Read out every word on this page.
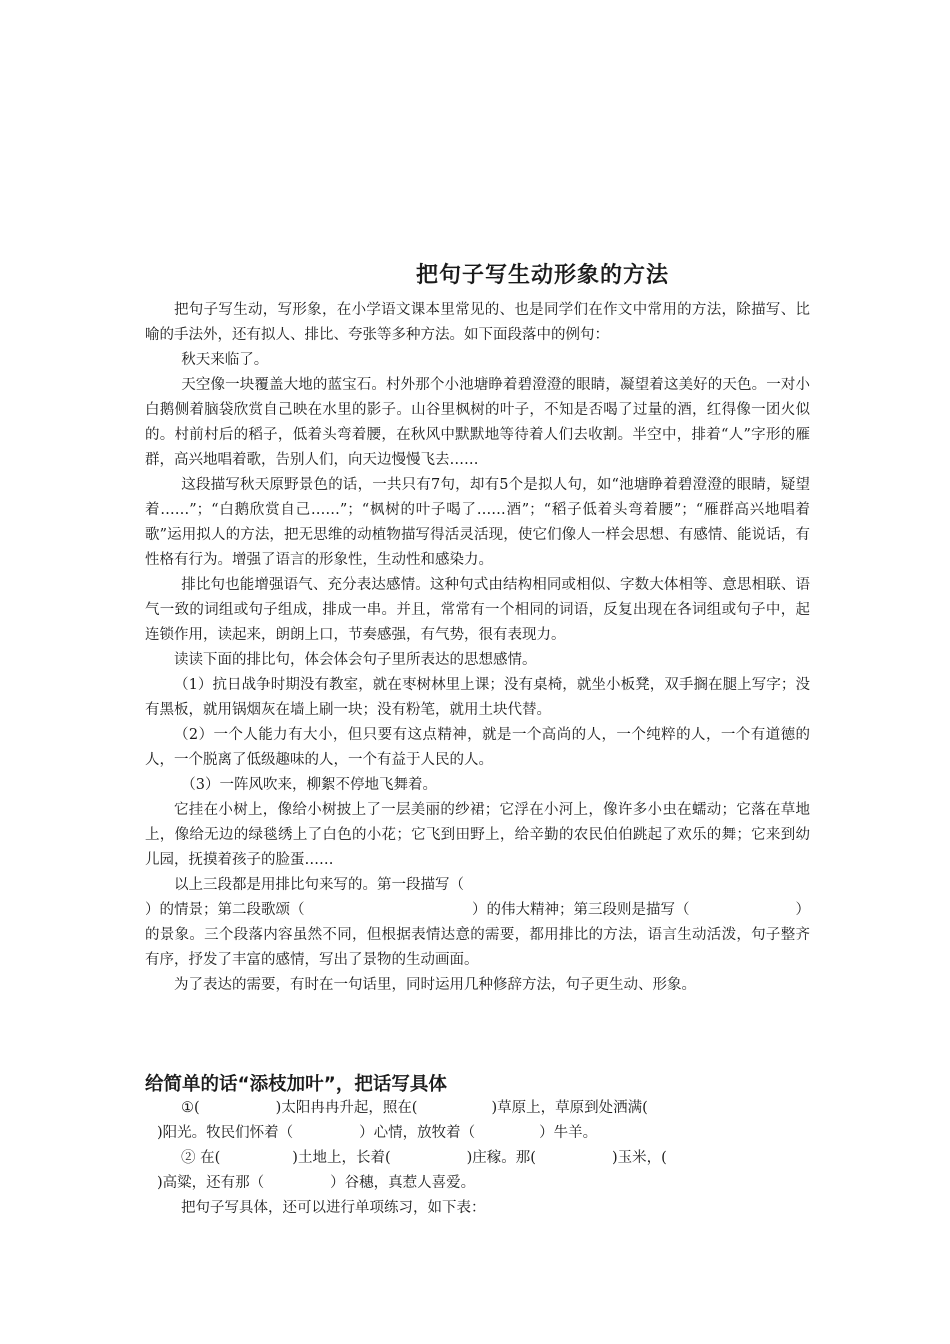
把句子写生动形象的方法

把句子写生动，写形象，在小学语文课本里常见的、也是同学们在作文中常用的方法，除描写、比喻的手法外，还有拟人、排比、夸张等多种方法。如下面段落中的例句：

秋天来临了。

天空像一块覆盖大地的蓝宝石。村外那个小池塘睁着碧澄澄的眼睛，凝望着这美好的天色。一对小白鹅侧着脑袋欣赏自己映在水里的影子。山谷里枫树的叶子，不知是否喝了过量的酒，红得像一团火似的。村前村后的稻子，低着头弯着腰，在秋风中默默地等待着人们去收割。半空中，排着“人”字形的雁群，高兴地唱着歌，告别人们，向天边慢慢飞去……

这段描写秋天原野景色的话，一共只有7句，却有5个是拟人句，如“池塘睁着碧澄澄的眼睛，疑望着……”；“白鹅欣赏自己……”；“枫树的叶子喝了……酒”；“稻子低着头弯着腰”；“雁群高兴地唱着歌”运用拟人的方法，把无思维的动植物描写得活灵活现，使它们像人一样会思想、有感情、能说话，有性格有行为。增强了语言的形象性，生动性和感染力。

排比句也能增强语气、充分表达感情。这种句式由结构相同或相似、字数大体相等、意思相联、语气一致的词组或句子组成，排成一串。并且，常常有一个相同的词语，反复出现在各词组或句子中，起连锁作用，读起来，朗朗上口，节奏感强，有气势，很有表现力。

读读下面的排比句，体会体会句子里所表达的思想感情。

（1）抗日战争时期没有教室，就在枣树林里上课；没有桌椅，就坐小板凳，双手搁在腿上写字；没有黑板，就用锅烟灰在墙上刷一块；没有粉笔，就用土块代替。

（2）一个人能力有大小，但只要有这点精神，就是一个高尚的人，一个纯粹的人，一个有道德的人，一个脱离了低级趣味的人，一个有益于人民的人。

（3）一阵风吹来，柳絮不停地飞舞着。

它挂在小树上，像给小树披上了一层美丽的纱裙；它浮在小河上，像许多小虫在蠕动；它落在草地上，像给无边的绿毯绣上了白色的小花；它飞到田野上，给辛勤的农民伯伯跳起了欢乐的舞；它来到幼儿园，抚摸着孩子的脸蛋……

以上三段都是用排比句来写的。第一段描写（

）的情景；第二段歌颂（	）的伟大精神；第三段则是描写（	）

的景象。三个段落内容虽然不同，但根据表情达意的需要，都用排比的方法，语言生动活泼，句子整齐有序，抒发了丰富的感情，写出了景物的生动画面。

为了表达的需要，有时在一句话里，同时运用几种修辞方法，句子更生动、形象。

给简单的话“添枝加叶”，把话写具体
①(	)太阳冉冉升起，照在(	)草原上，草原到处洒满(
)阳光。牧民们怀着（	）心情，放牧着（	）牛羊。
② 在(	)土地上，长着(	)庄稼。那(	)玉米，(
)高粱，还有那（	）谷穗，真惹人喜爱。
把句子写具体，还可以进行单项练习，如下表：
